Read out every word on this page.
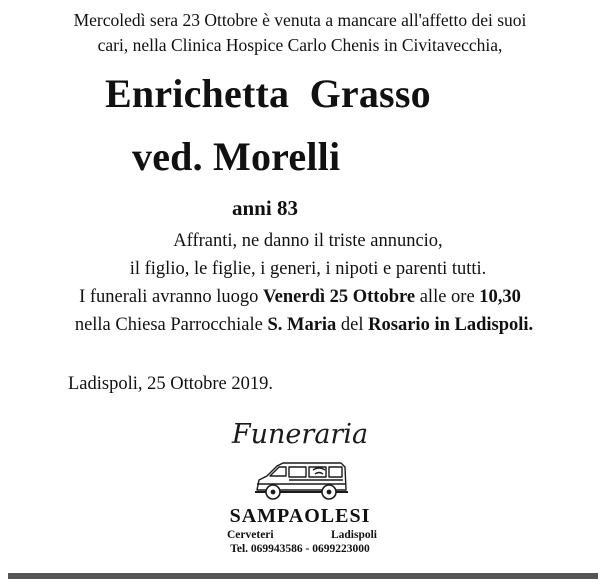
Mercoledì sera 23 Ottobre è venuta a mancare all'affetto dei suoi
cari, nella Clinica Hospice Carlo Chenis in Civitavecchia,
Enrichetta  Grasso
ved. Morelli
anni 83
Affranti, ne danno il triste annuncio,
il figlio, le figlie, i generi, i nipoti e parenti tutti.
I funerali avranno luogo Venerdì 25 Ottobre alle ore 10,30
nella Chiesa Parrocchiale S. Maria del Rosario in Ladispoli.
Ladispoli, 25 Ottobre 2019.
Funeraria
SAMPAOLESI
Cerveteri	Ladispoli
Tel. 069943586 - 0699223000
